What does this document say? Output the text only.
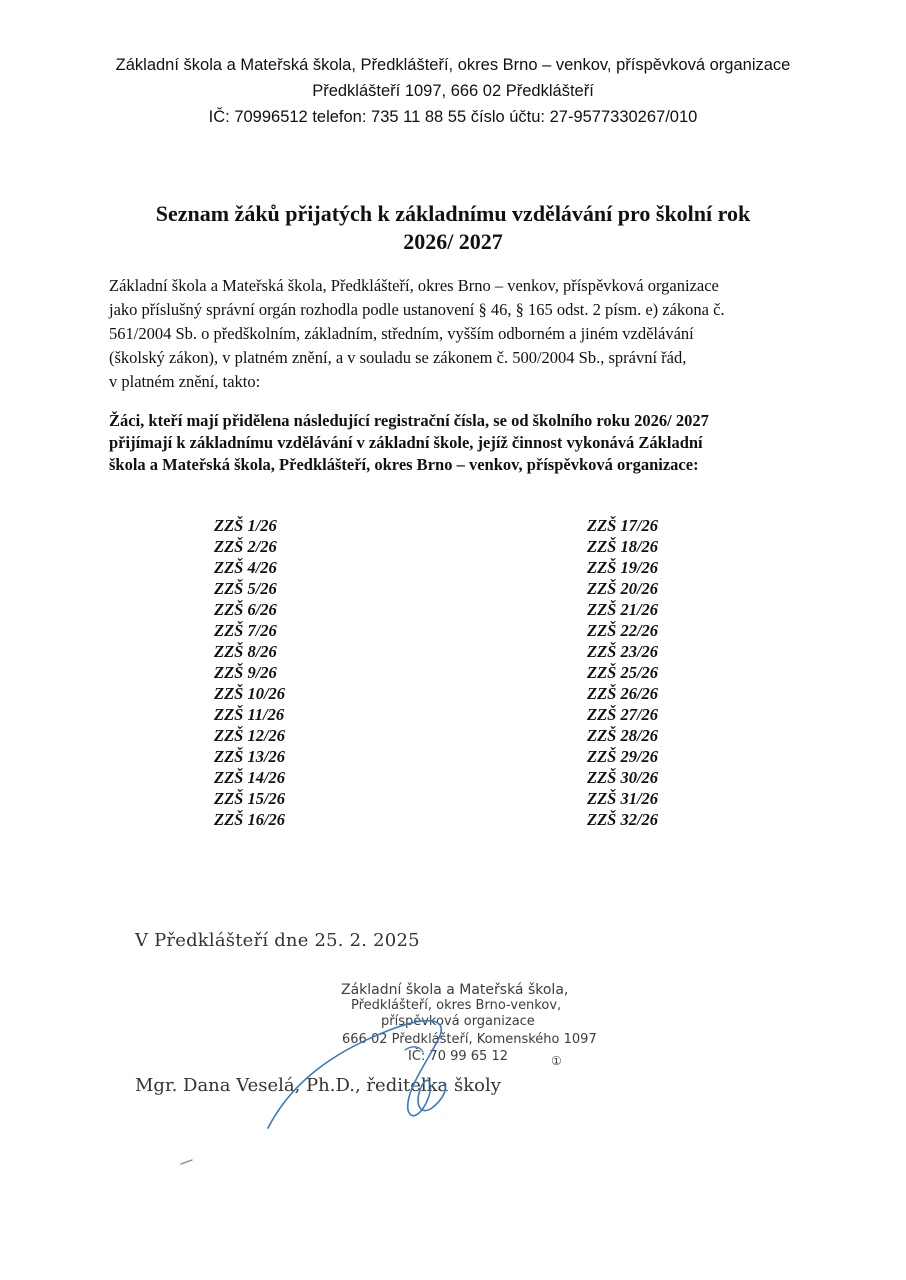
Základní škola a Mateřská škola, Předklášteří, okres Brno – venkov, příspěvková organizace
Předklášteří 1097, 666 02 Předklášteří
IČ: 70996512 telefon: 735 11 88 55 číslo účtu: 27-9577330267/010
Seznam žáků přijatých k základnímu vzdělávání pro školní rok
2026/ 2027
Základní škola a Mateřská škola, Předklášteří, okres Brno – venkov, příspěvková organizace
jako příslušný správní orgán rozhodla podle ustanovení § 46, § 165 odst. 2 písm. e) zákona č.
561/2004 Sb. o předškolním, základním, středním, vyšším odborném a jiném vzdělávání
(školský zákon), v platném znění, a v souladu se zákonem č. 500/2004 Sb., správní řád,
v platném znění, takto:
Žáci, kteří mají přidělena následující registrační čísla, se od školního roku 2026/ 2027
přijímají k základnímu vzdělávání v základní škole, jejíž činnost vykonává Základní
škola a Mateřská škola, Předklášteří, okres Brno – venkov, příspěvková organizace:
ZZŠ 1/26
ZZŠ 2/26
ZZŠ 4/26
ZZŠ 5/26
ZZŠ 6/26
ZZŠ 7/26
ZZŠ 8/26
ZZŠ 9/26
ZZŠ 10/26
ZZŠ 11/26
ZZŠ 12/26
ZZŠ 13/26
ZZŠ 14/26
ZZŠ 15/26
ZZŠ 16/26
ZZŠ 17/26
ZZŠ 18/26
ZZŠ 19/26
ZZŠ 20/26
ZZŠ 21/26
ZZŠ 22/26
ZZŠ 23/26
ZZŠ 25/26
ZZŠ 26/26
ZZŠ 27/26
ZZŠ 28/26
ZZŠ 29/26
ZZŠ 30/26
ZZŠ 31/26
ZZŠ 32/26
V Předklášteří dne 25. 2. 2025
Základní škola a Mateřská škola,
Předklášteří, okres Brno-venkov,
příspěvková organizace
666 02 Předklášteří, Komenského 1097
IČ: 70 99 65 12	①
Mgr. Dana Veselá, Ph.D., ředitelka školy
